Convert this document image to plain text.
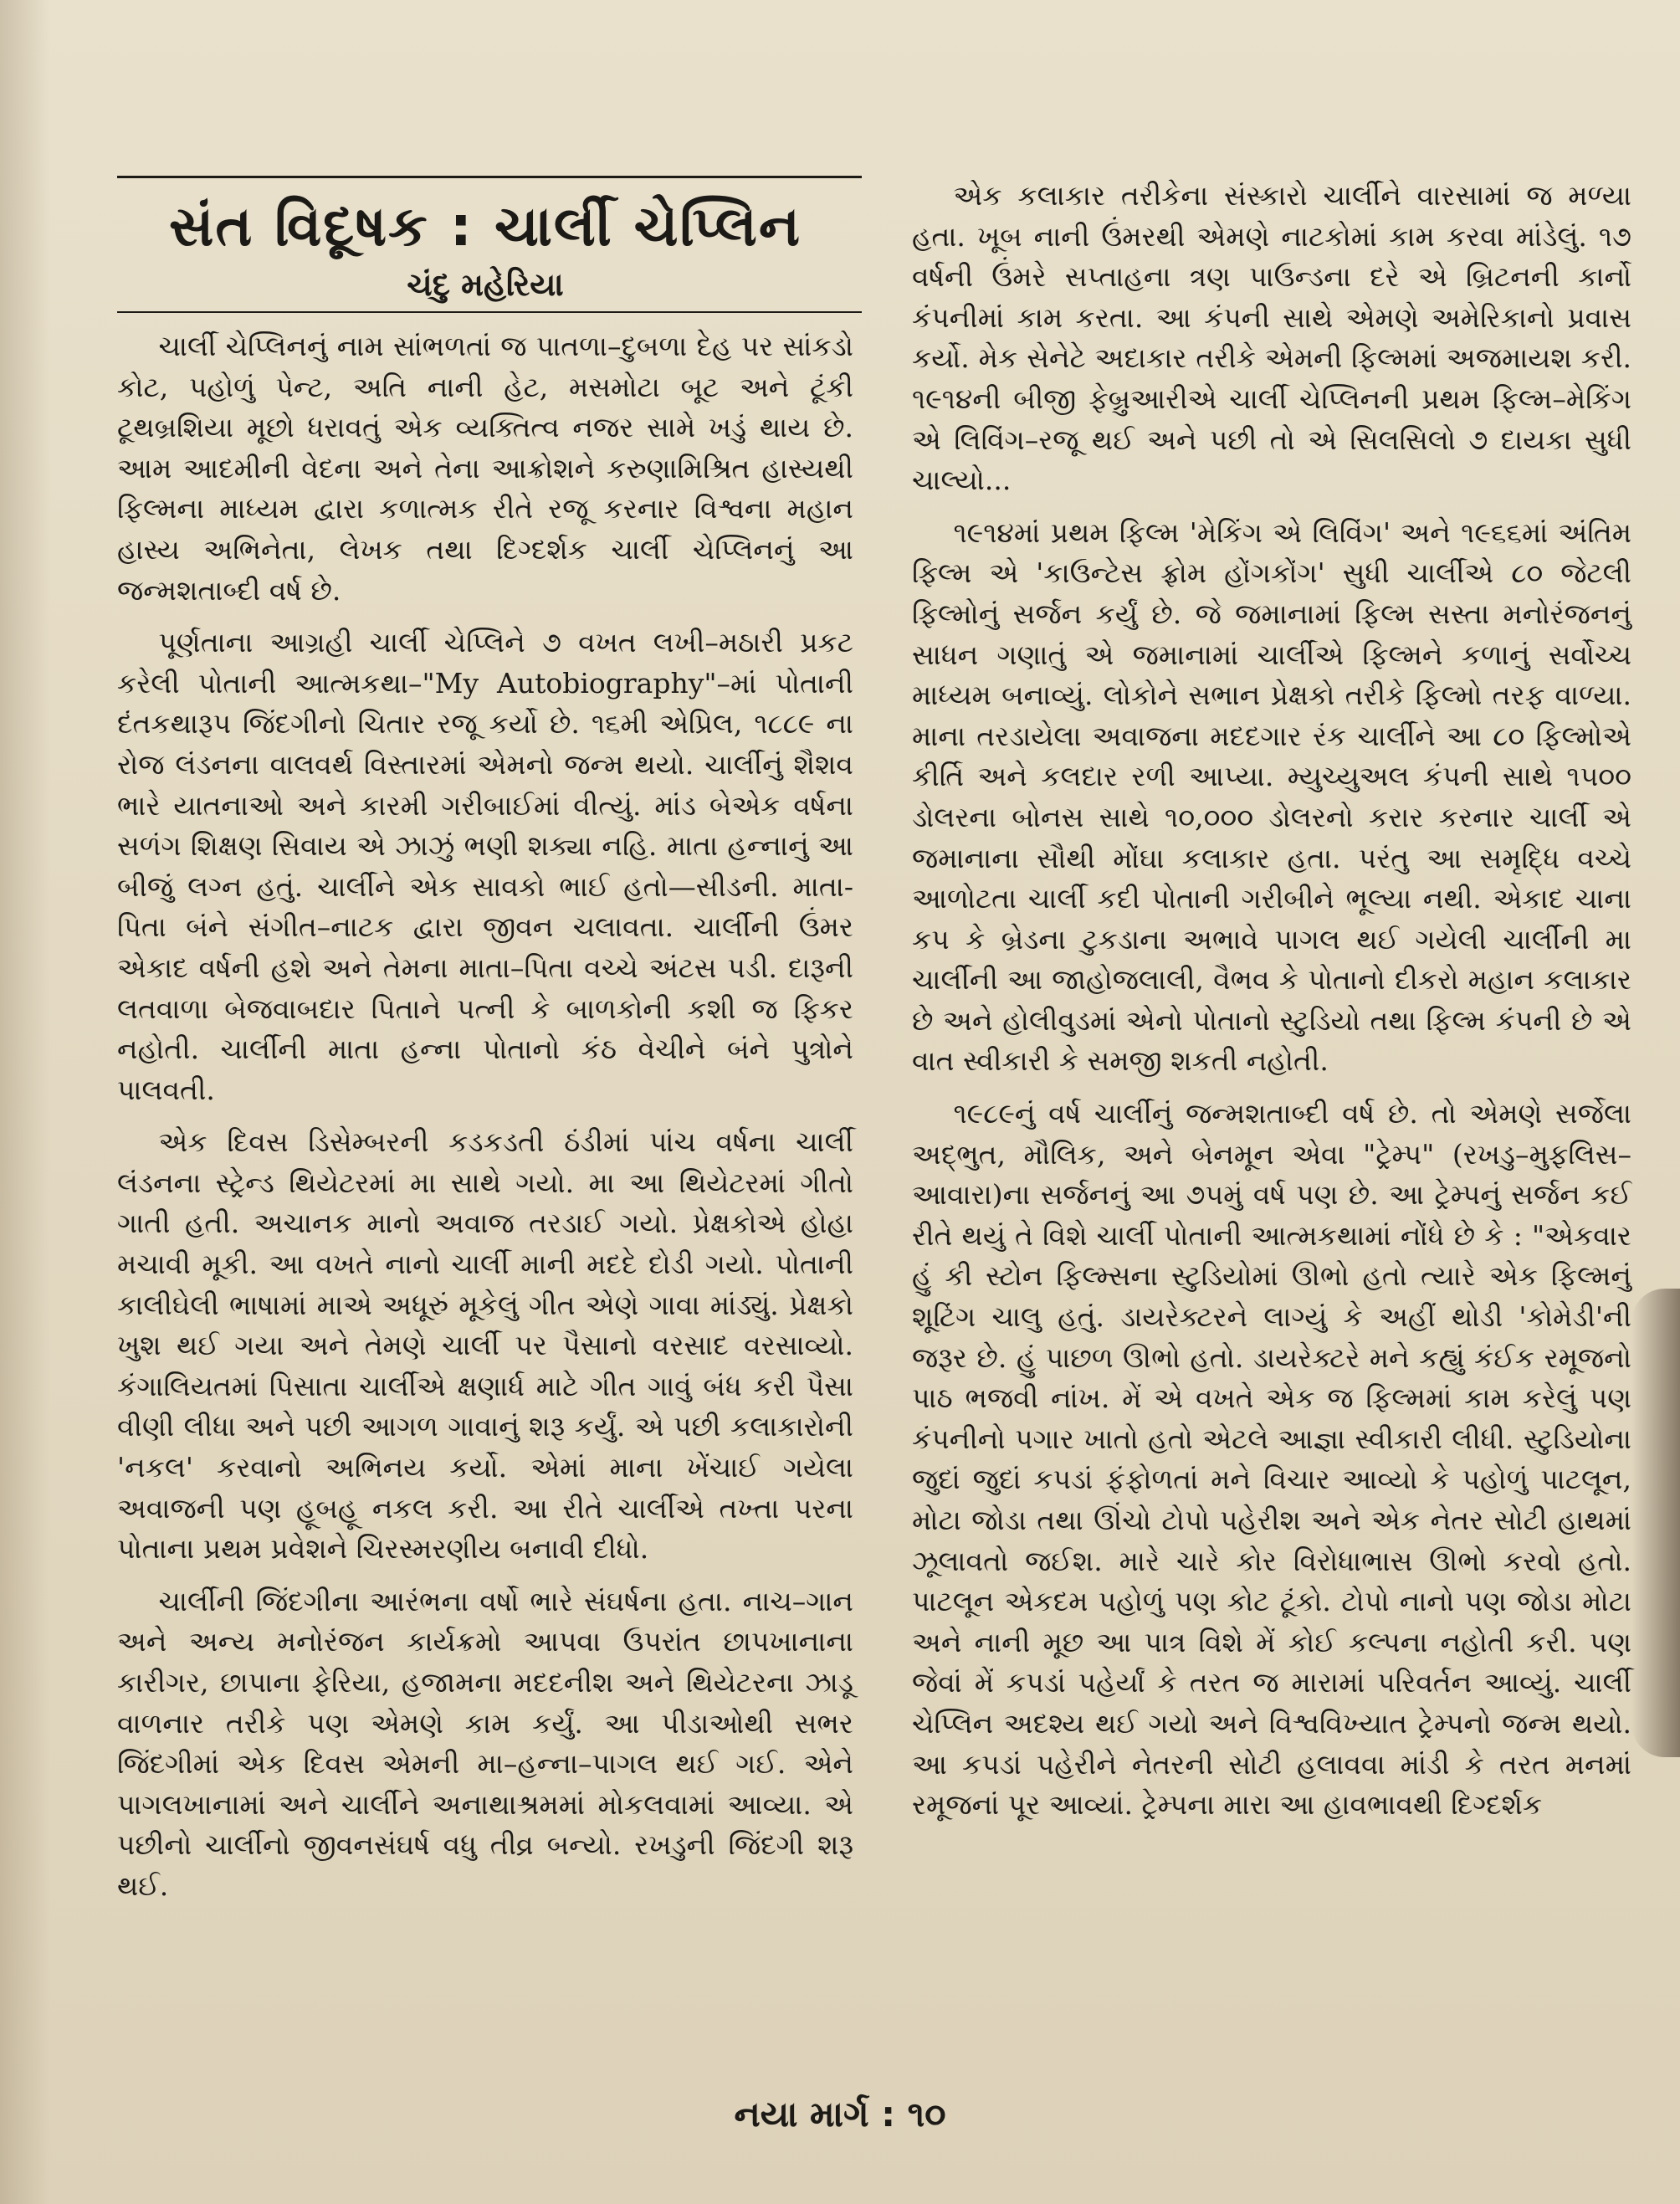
સંત વિદૂષક : ચાર્લી ચેપ્લિન
ચંદુ મહેરિયા

ચાર્લી ચેપ્લિનનું નામ સાંભળતાં જ પાતળા–દુબળા દેહ પર સાંકડો કોટ, પહોળું પેન્ટ, અતિ નાની હેટ, મસમોટા બૂટ અને ટૂંકી ટૂથબ્રશિયા મૂછો ધરાવતું એક વ્યક્તિત્વ નજર સામે ખડું થાય છે. આમ આદમીની વેદના અને તેના આક્રોશને કરુણામિશ્રિત હાસ્યથી ફિલ્મના માધ્યમ દ્વારા કળાત્મક રીતે રજૂ કરનાર વિશ્વના મહાન હાસ્ય અભિનેતા, લેખક તથા દિગ્દર્શક ચાર્લી ચેપ્લિનનું આ જન્મશતાબ્દી વર્ષ છે.

પૂર્ણતાના આગ્રહી ચાર્લી ચેપ્લિને ૭ વખત લખી–મઠારી પ્રકટ કરેલી પોતાની આત્મકથા–"My Autobiography"–માં પોતાની દંતકથારૂપ જિંદગીનો ચિતાર રજૂ કર્યો છે. ૧૬મી એપ્રિલ, ૧૮૮૯ ના રોજ લંડનના વાલવર્થ વિસ્તારમાં એમનો જન્મ થયો. ચાર્લીનું શૈશવ ભારે યાતનાઓ અને કારમી ગરીબાઈમાં વીત્યું. માંડ બેએક વર્ષના સળંગ શિક્ષણ સિવાય એ ઝાઝું ભણી શક્યા નહિ. માતા હન્નાનું આ બીજું લગ્ન હતું. ચાર્લીને એક સાવકો ભાઈ હતો—સીડની. માતા-પિતા બંને સંગીત–નાટક દ્વારા જીવન ચલાવતા. ચાર્લીની ઉંમર એકાદ વર્ષની હશે અને તેમના માતા–પિતા વચ્ચે અંટસ પડી. દારૂની લતવાળા બેજવાબદાર પિતાને પત્ની કે બાળકોની કશી જ ફિકર નહોતી. ચાર્લીની માતા હન્ના પોતાનો કંઠ વેચીને બંને પુત્રોને પાલવતી.

એક દિવસ ડિસેમ્બરની કડકડતી ઠંડીમાં પાંચ વર્ષના ચાર્લી લંડનના સ્ટ્રેન્ડ થિયેટરમાં મા સાથે ગયો. મા આ થિયેટરમાં ગીતો ગાતી હતી. અચાનક માનો અવાજ તરડાઈ ગયો. પ્રેક્ષકોએ હોહા મચાવી મૂકી. આ વખતે નાનો ચાર્લી માની મદદે દોડી ગયો. પોતાની કાલીઘેલી ભાષામાં માએ અધૂરું મૂકેલું ગીત એણે ગાવા માંડ્યું. પ્રેક્ષકો ખુશ થઈ ગયા અને તેમણે ચાર્લી પર પૈસાનો વરસાદ વરસાવ્યો. કંગાલિયતમાં પિસાતા ચાર્લીએ ક્ષણાર્ધ માટે ગીત ગાવું બંધ કરી પૈસા વીણી લીધા અને પછી આગળ ગાવાનું શરૂ કર્યું. એ પછી કલાકારોની 'નકલ' કરવાનો અભિનય કર્યો. એમાં માના ખેંચાઈ ગયેલા અવાજની પણ હૂબહૂ નકલ કરી. આ રીતે ચાર્લીએ તખ્તા પરના પોતાના પ્રથમ પ્રવેશને ચિરસ્મરણીય બનાવી દીધો.

ચાર્લીની જિંદગીના આરંભના વર્ષો ભારે સંઘર્ષના હતા. નાચ–ગાન અને અન્ય મનોરંજન કાર્યક્રમો આપવા ઉપરાંત છાપખાનાના કારીગર, છાપાના ફેરિયા, હજામના મદદનીશ અને થિયેટરના ઝાડૂ વાળનાર તરીકે પણ એમણે કામ કર્યું. આ પીડાઓથી સભર જિંદગીમાં એક દિવસ એમની મા–હન્ના–પાગલ થઈ ગઈ. એને પાગલખાનામાં અને ચાર્લીને અનાથાશ્રમમાં મોકલવામાં આવ્યા. એ પછીનો ચાર્લીનો જીવનસંઘર્ષ વધુ તીવ્ર બન્યો. રખડુની જિંદગી શરૂ થઈ.

એક કલાકાર તરીકેના સંસ્કારો ચાર્લીને વારસામાં જ મળ્યા હતા. ખૂબ નાની ઉંમરથી એમણે નાટકોમાં કામ કરવા માંડેલું. ૧૭ વર્ષની ઉંમરે સપ્તાહના ત્રણ પાઉન્ડના દરે એ બ્રિટનની કાર્નો કંપનીમાં કામ કરતા. આ કંપની સાથે એમણે અમેરિકાનો પ્રવાસ કર્યો. મેક સેનેટે અદાકાર તરીકે એમની ફિલ્મમાં અજમાયશ કરી. ૧૯૧૪ની બીજી ફેબ્રુઆરીએ ચાર્લી ચેપ્લિનની પ્રથમ ફિલ્મ–મેકિંગ એ લિવિંગ–રજૂ થઈ અને પછી તો એ સિલસિલો ૭ દાયકા સુધી ચાલ્યો...

૧૯૧૪માં પ્રથમ ફિલ્મ 'મેકિંગ એ લિવિંગ' અને ૧૯૬૬માં અંતિમ ફિલ્મ એ 'કાઉન્ટેસ ફ્રોમ હોંગકોંગ' સુધી ચાર્લીએ ૮૦ જેટલી ફિલ્મોનું સર્જન કર્યું છે. જે જમાનામાં ફિલ્મ સસ્તા મનોરંજનનું સાધન ગણાતું એ જમાનામાં ચાર્લીએ ફિલ્મને કળાનું સર્વોચ્ચ માધ્યમ બનાવ્યું. લોકોને સભાન પ્રેક્ષકો તરીકે ફિલ્મો તરફ વાળ્યા. માના તરડાયેલા અવાજના મદદગાર રંક ચાર્લીને આ ૮૦ ફિલ્મોએ કીર્તિ અને કલદાર રળી આપ્યા. મ્યુચ્યુઅલ કંપની સાથે ૧૫૦૦ ડોલરના બોનસ સાથે ૧૦,૦૦૦ ડોલરનો કરાર કરનાર ચાર્લી એ જમાનાના સૌથી મોંઘા કલાકાર હતા. પરંતુ આ સમૃદ્ધિ વચ્ચે આળોટતા ચાર્લી કદી પોતાની ગરીબીને ભૂલ્યા નથી. એકાદ ચાના કપ કે બ્રેડના ટુકડાના અભાવે પાગલ થઈ ગયેલી ચાર્લીની મા ચાર્લીની આ જાહોજલાલી, વૈભવ કે પોતાનો દીકરો મહાન કલાકાર છે અને હોલીવુડમાં એનો પોતાનો સ્ટુડિયો તથા ફિલ્મ કંપની છે એ વાત સ્વીકારી કે સમજી શકતી નહોતી.

૧૯૮૯નું વર્ષ ચાર્લીનું જન્મશતાબ્દી વર્ષ છે. તો એમણે સર્જેલા અદ્ભુત, મૌલિક, અને બેનમૂન એવા "ટ્રેમ્પ" (રખડુ–મુફલિસ–આવારા)ના સર્જનનું આ ૭૫મું વર્ષ પણ છે. આ ટ્રેમ્પનું સર્જન કઈ રીતે થયું તે વિશે ચાર્લી પોતાની આત્મકથામાં નોંધે છે કે : "એકવાર હું કી સ્ટોન ફિલ્મ્સના સ્ટુડિયોમાં ઊભો હતો ત્યારે એક ફિલ્મનું શૂટિંગ ચાલુ હતું. ડાયરેક્ટરને લાગ્યું કે અહીં થોડી 'કોમેડી'ની જરૂર છે. હું પાછળ ઊભો હતો. ડાયરેક્ટરે મને કહ્યું કંઈક રમૂજનો પાઠ ભજવી નાંખ. મેં એ વખતે એક જ ફિલ્મમાં કામ કરેલું પણ કંપનીનો પગાર ખાતો હતો એટલે આજ્ઞા સ્વીકારી લીધી. સ્ટુડિયોના જુદાં જુદાં કપડાં ફંફોળતાં મને વિચાર આવ્યો કે પહોળું પાટલૂન, મોટા જોડા તથા ઊંચો ટોપો પહેરીશ અને એક નેતર સોટી હાથમાં ઝૂલાવતો જઈશ. મારે ચારે કોર વિરોધાભાસ ઊભો કરવો હતો. પાટલૂન એકદમ પહોળું પણ કોટ ટૂંકો. ટોપો નાનો પણ જોડા મોટા અને નાની મૂછ આ પાત્ર વિશે મેં કોઈ કલ્પના નહોતી કરી. પણ જેવાં મેં કપડાં પહેર્યાં કે તરત જ મારામાં પરિવર્તન આવ્યું. ચાર્લી ચેપ્લિન અદશ્ય થઈ ગયો અને વિશ્વવિખ્યાત ટ્રેમ્પનો જન્મ થયો. આ કપડાં પહેરીને નેતરની સોટી હલાવવા માંડી કે તરત મનમાં રમૂજનાં પૂર આવ્યાં. ટ્રેમ્પના મારા આ હાવભાવથી દિગ્દર્શક

નયા માર્ગ : ૧૦
